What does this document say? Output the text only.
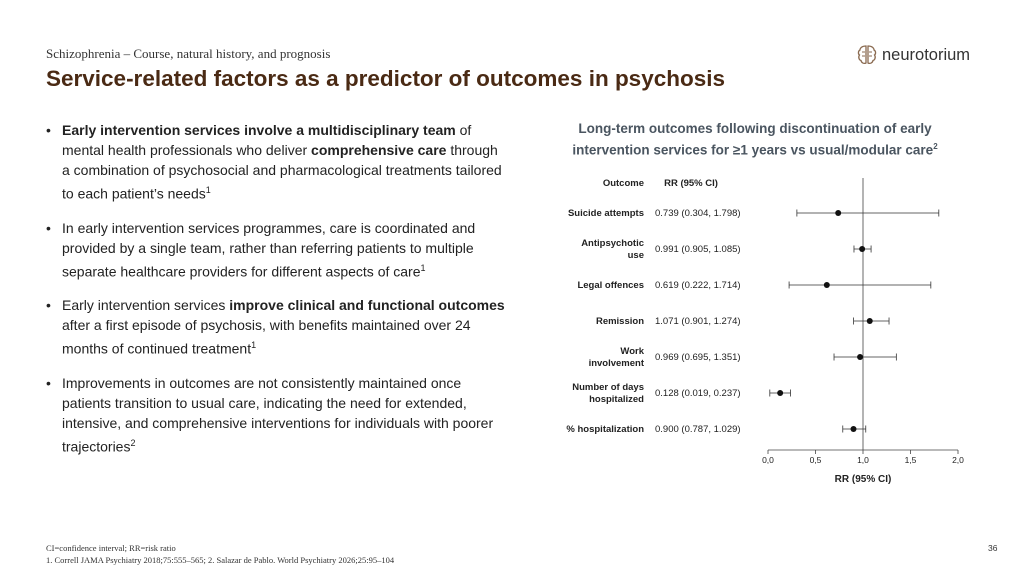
Schizophrenia – Course, natural history, and prognosis
Service-related factors as a predictor of outcomes in psychosis
neurotorium
• Early intervention services involve a multidisciplinary team of mental health professionals who deliver comprehensive care through a combination of psychosocial and pharmacological treatments tailored to each patient’s needs$^1$
• In early intervention services programmes, care is coordinated and provided by a single team, rather than referring patients to multiple separate healthcare providers for different aspects of care$^1$
• Early intervention services improve clinical and functional outcomes after a first episode of psychosis, with benefits maintained over 24 months of continued treatment$^1$
• Improvements in outcomes are not consistently maintained once patients transition to usual care, indicating the need for extended, intensive, and comprehensive interventions for individuals with poorer trajectories$^2$
Long-term outcomes following discontinuation of early intervention services for ≥1 years vs usual/modular care$^2$
Outcome RR (95% CI)
0,0	0,5	1,0	1,5	2,0
RR (95% CI)
Suicide attempts 0.739 (0.304, 1.798)
Antipsychotic
use
0.991 (0.905, 1.085)
Legal offences 0.619 (0.222, 1.714)
Remission 1.071 (0.901, 1.274)
Work
involvement
0.969 (0.695, 1.351)
Number of days
hospitalized
0.128 (0.019, 0.237)
% hospitalization 0.900 (0.787, 1.029)
CI=confidence interval; RR=risk ratio
1. Correll JAMA Psychiatry 2018;75:555–565; 2. Salazar de Pablo. World Psychiatry 2026;25:95–104
36
